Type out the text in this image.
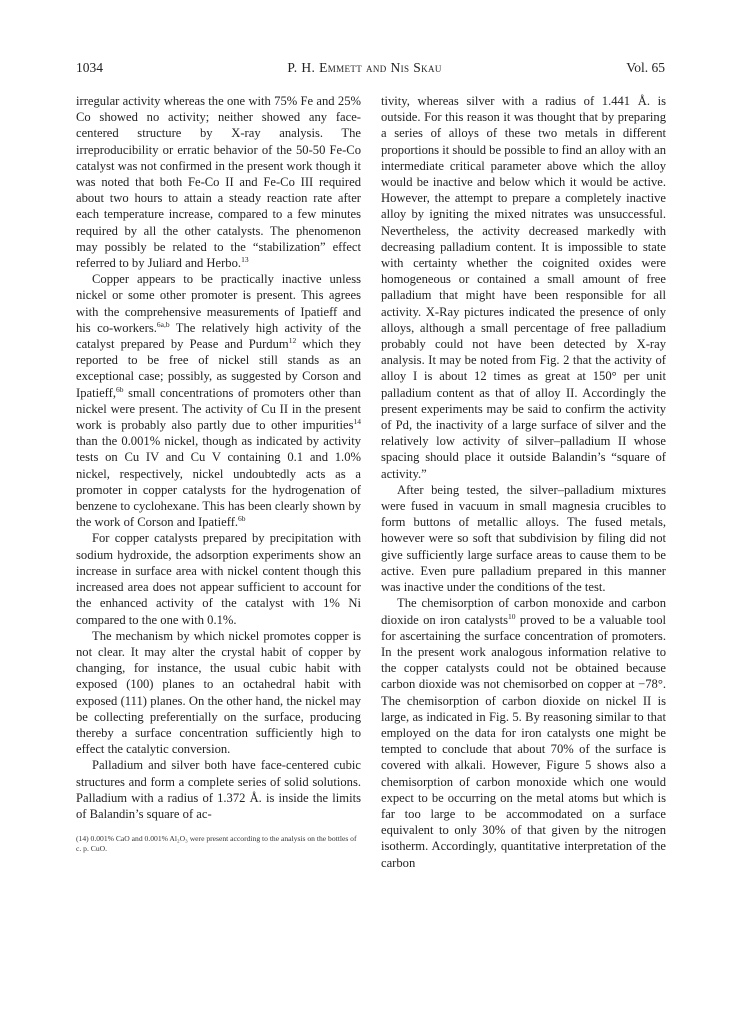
1034	P. H. Emmett and Nis Skau	Vol. 65

irregular activity whereas the one with 75% Fe and 25% Co showed no activity; neither showed any face-centered structure by X-ray analysis. The irreproducibility or erratic behavior of the 50-50 Fe-Co catalyst was not confirmed in the present work though it was noted that both Fe-Co II and Fe-Co III required about two hours to attain a steady reaction rate after each temperature increase, compared to a few minutes required by all the other catalysts. The phenomenon may possibly be related to the “stabilization” effect referred to by Juliard and Herbo.$^{13}$

Copper appears to be practically inactive unless nickel or some other promoter is present. This agrees with the comprehensive measurements of Ipatieff and his co-workers.$^{6a,b}$ The relatively high activity of the catalyst prepared by Pease and Purdum$^{12}$ which they reported to be free of nickel still stands as an exceptional case; possibly, as suggested by Corson and Ipatieff,$^{6b}$ small concentrations of promoters other than nickel were present. The activity of Cu II in the present work is probably also partly due to other impurities$^{14}$ than the 0.001% nickel, though as indicated by activity tests on Cu IV and Cu V containing 0.1 and 1.0% nickel, respectively, nickel undoubtedly acts as a promoter in copper catalysts for the hydrogenation of benzene to cyclohexane. This has been clearly shown by the work of Corson and Ipatieff.$^{6b}$

For copper catalysts prepared by precipitation with sodium hydroxide, the adsorption experiments show an increase in surface area with nickel content though this increased area does not appear sufficient to account for the enhanced activity of the catalyst with 1% Ni compared to the one with 0.1%.

The mechanism by which nickel promotes copper is not clear. It may alter the crystal habit of copper by changing, for instance, the usual cubic habit with exposed (100) planes to an octahedral habit with exposed (111) planes. On the other hand, the nickel may be collecting preferentially on the surface, producing thereby a surface concentration sufficiently high to effect the catalytic conversion.

Palladium and silver both have face-centered cubic structures and form a complete series of solid solutions. Palladium with a radius of 1.372 Å. is inside the limits of Balandin’s square of ac-

(14) 0.001% CaO and 0.001% Al₂O₃ were present according to the analysis on the bottles of c. p. CuO.

tivity, whereas silver with a radius of 1.441 Å. is outside. For this reason it was thought that by preparing a series of alloys of these two metals in different proportions it should be possible to find an alloy with an intermediate critical parameter above which the alloy would be inactive and below which it would be active. However, the attempt to prepare a completely inactive alloy by igniting the mixed nitrates was unsuccessful. Nevertheless, the activity decreased markedly with decreasing palladium content. It is impossible to state with certainty whether the coignited oxides were homogeneous or contained a small amount of free palladium that might have been responsible for all activity. X-Ray pictures indicated the presence of only alloys, although a small percentage of free palladium probably could not have been detected by X-ray analysis. It may be noted from Fig. 2 that the activity of alloy I is about 12 times as great at 150° per unit palladium content as that of alloy II. Accordingly the present experiments may be said to confirm the activity of Pd, the inactivity of a large surface of silver and the relatively low activity of silver–palladium II whose spacing should place it outside Balandin’s “square of activity.”

After being tested, the silver–palladium mixtures were fused in vacuum in small magnesia crucibles to form buttons of metallic alloys. The fused metals, however were so soft that subdivision by filing did not give sufficiently large surface areas to cause them to be active. Even pure palladium prepared in this manner was inactive under the conditions of the test.

The chemisorption of carbon monoxide and carbon dioxide on iron catalysts$^{10}$ proved to be a valuable tool for ascertaining the surface concentration of promoters. In the present work analogous information relative to the copper catalysts could not be obtained because carbon dioxide was not chemisorbed on copper at −78°. The chemisorption of carbon dioxide on nickel II is large, as indicated in Fig. 5. By reasoning similar to that employed on the data for iron catalysts one might be tempted to conclude that about 70% of the surface is covered with alkali. However, Figure 5 shows also a chemisorption of carbon monoxide which one would expect to be occurring on the metal atoms but which is far too large to be accommodated on a surface equivalent to only 30% of that given by the nitrogen isotherm. Accordingly, quantitative interpretation of the carbon
